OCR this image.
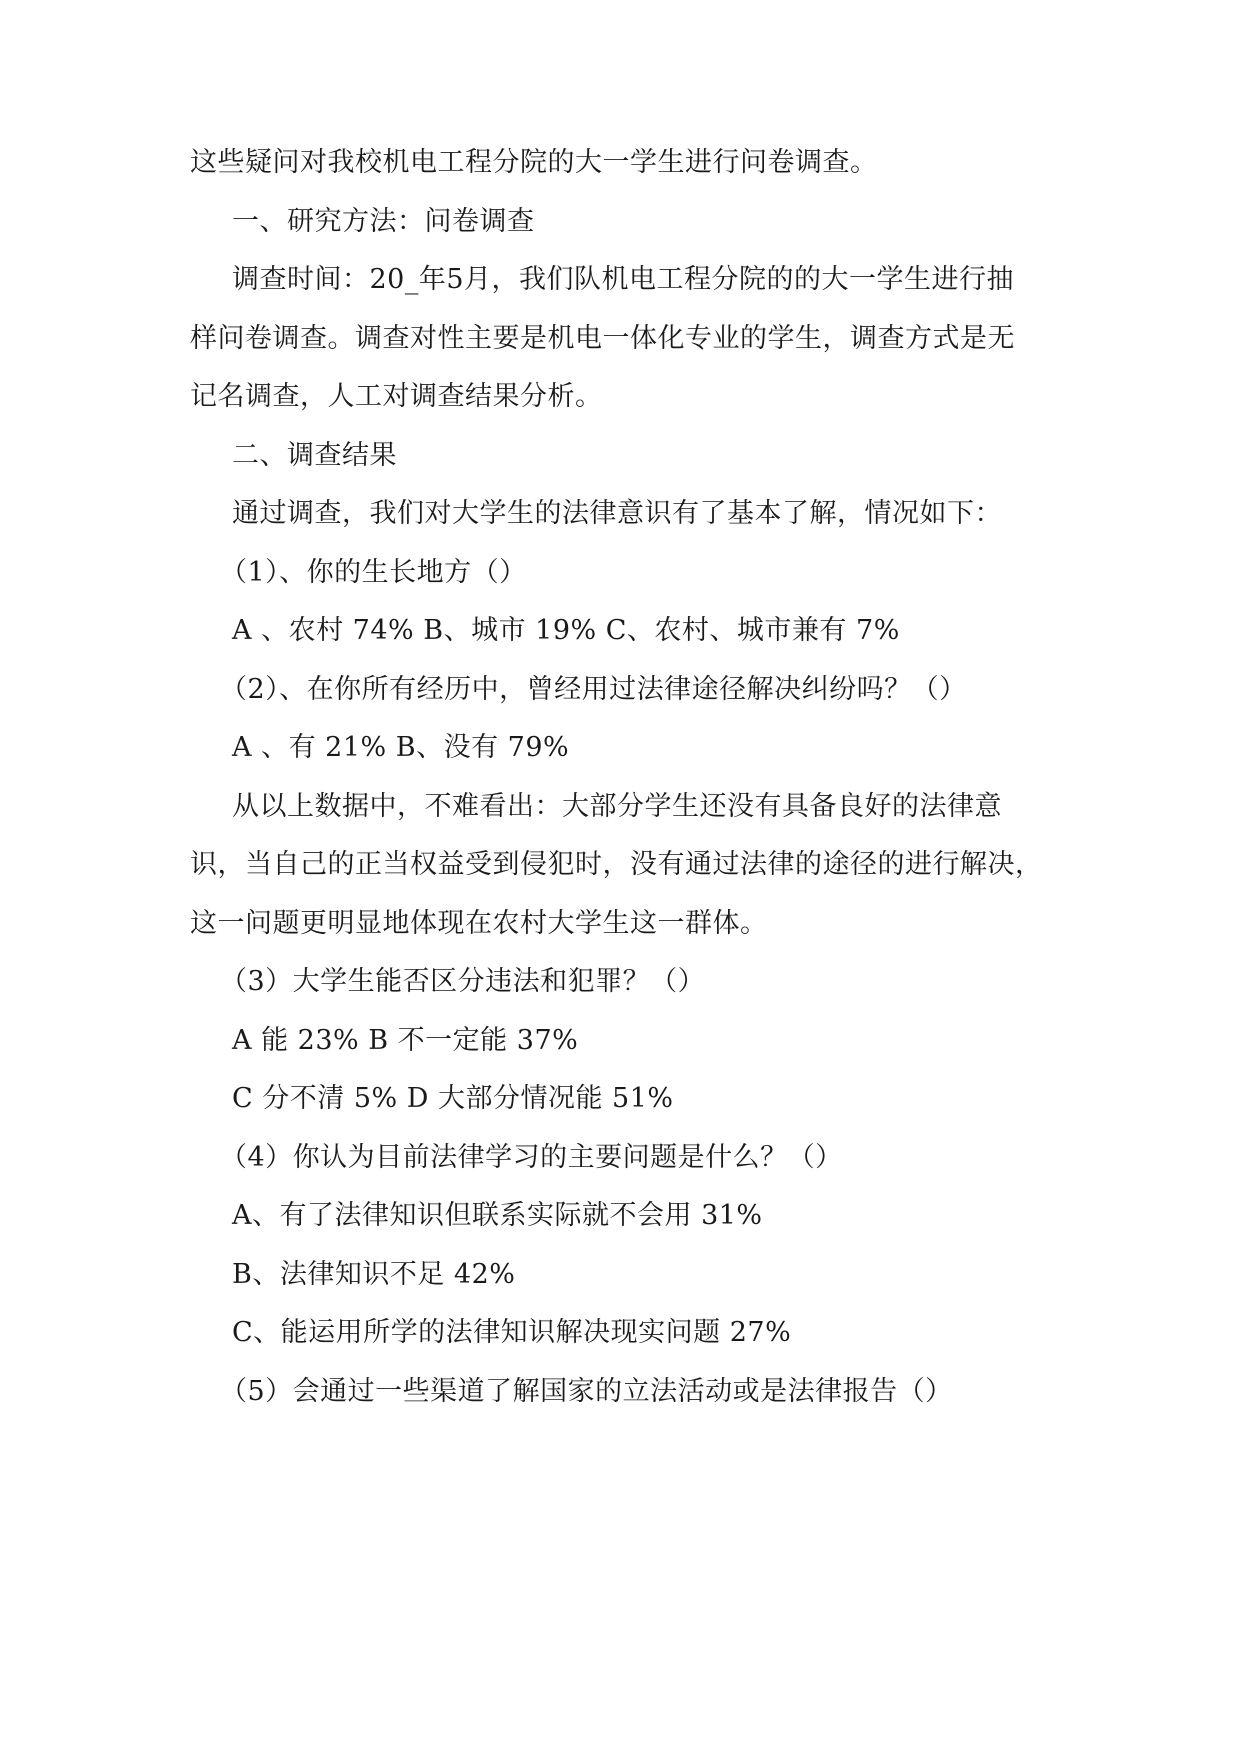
这些疑问对我校机电工程分院的大一学生进行问卷调查。
一、研究方法：问卷调查
调查时间：20_年5月，我们队机电工程分院的的大一学生进行抽
样问卷调查。调查对性主要是机电一体化专业的学生，调查方式是无
记名调查，人工对调查结果分析。
二、调查结果
通过调查，我们对大学生的法律意识有了基本了解，情况如下：
（1）、你的生长地方（）
A 、农村 74% B、城市 19% C、农村、城市兼有 7%
（2）、在你所有经历中，曾经用过法律途径解决纠纷吗？（）
A 、有 21% B、没有 79%
从以上数据中，不难看出：大部分学生还没有具备良好的法律意
识，当自己的正当权益受到侵犯时，没有通过法律的途径的进行解决，
这一问题更明显地体现在农村大学生这一群体。
（3）大学生能否区分违法和犯罪？（）
A 能 23% B 不一定能 37%
C 分不清 5% D 大部分情况能 51%
（4）你认为目前法律学习的主要问题是什么？（）
A、有了法律知识但联系实际就不会用 31%
B、法律知识不足 42%
C、能运用所学的法律知识解决现实问题 27%
（5）会通过一些渠道了解国家的立法活动或是法律报告（）
